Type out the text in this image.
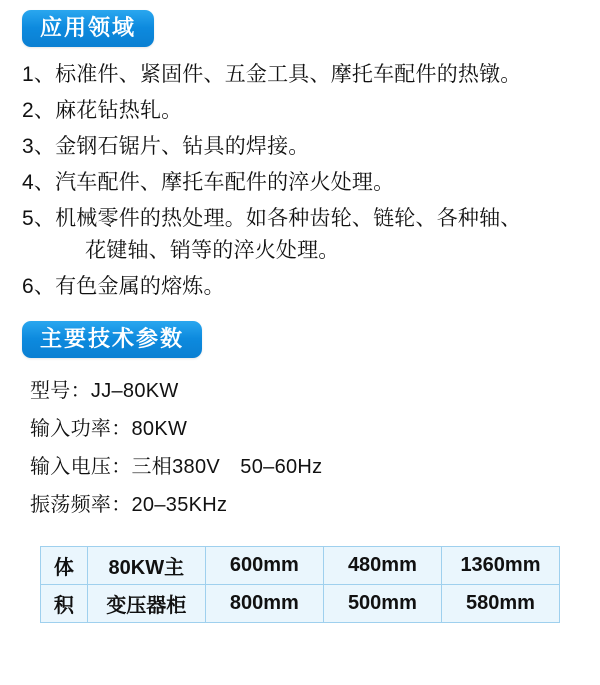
应用领域
1、 标准件、紧固件、五金工具、摩托车配件的热镦。
2、 麻花钻热轧。
3、 金钢石锯片、钻具的焊接。
4、 汽车配件、摩托车配件的淬火处理。
5、 机械零件的热处理。如各种齿轮、链轮、各种轴、
花键轴、销等的淬火处理。
6、 有色金属的熔炼。
主要技术参数
型号：JJ–80KW
输入功率：80KW
输入电压：三相380V　50–60Hz
振荡频率：20–35KHz
体	80KW主	600mm	480mm	1360mm
积	变压器柜	800mm	500mm	580mm
